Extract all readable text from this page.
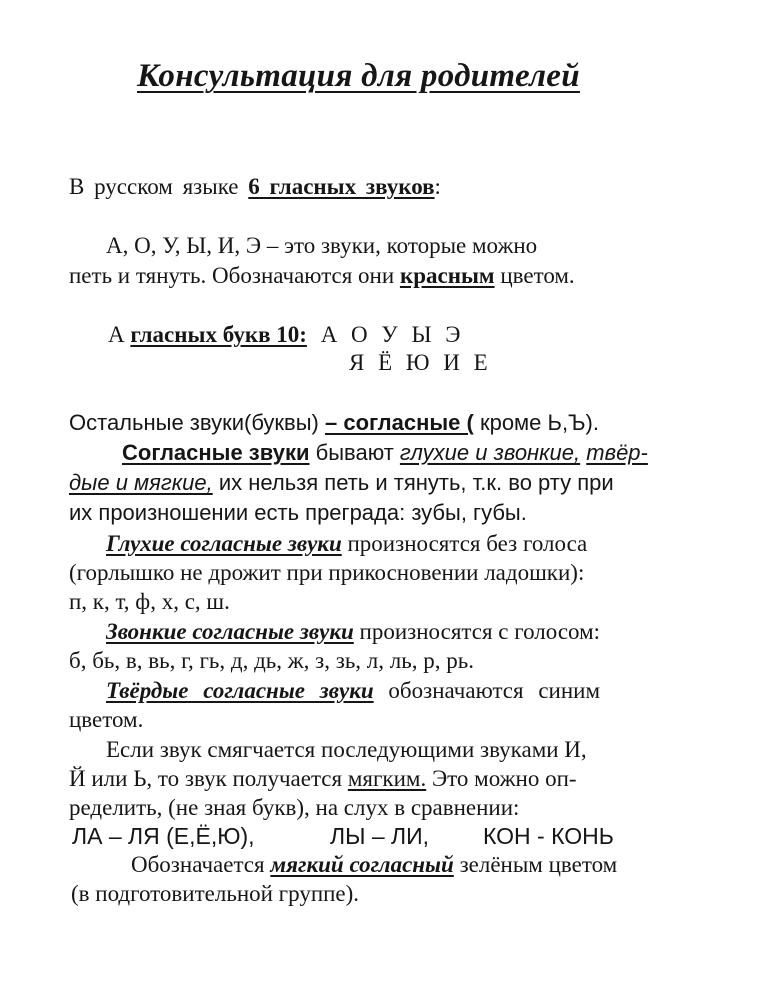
Консультация для родителей
В русском языке 6 гласных звуков:
А, О, У, Ы, И, Э – это звуки, которые можно
петь и тянуть. Обозначаются они красным цветом.
А гласных букв 10: А О У Ы Э
Я Ё Ю И Е
Остальные звуки(буквы) – согласные ( кроме Ь,Ъ).
Согласные звуки бывают глухие и звонкие, твёр-
дые и мягкие, их нельзя петь и тянуть, т.к. во рту при
их произношении есть преграда: зубы, губы.
Глухие согласные звуки произносятся без голоса
(горлышко не дрожит при прикосновении ладошки):
п, к, т, ф, х, с, ш.
Звонкие согласные звуки произносятся с голосом:
б, бь, в, вь, г, гь, д, дь, ж, з, зь, л, ль, р, рь.
Твёрдые согласные звуки обозначаются синим
цветом.
Если звук смягчается последующими звуками И,
Й или Ь, то звук получается мягким. Это можно оп-
ределить, (не зная букв), на слух в сравнении:
ЛА – ЛЯ (Е,Ё,Ю),	ЛЫ – ЛИ, КОН - КОНЬ
Обозначается мягкий согласный зелёным цветом
(в подготовительной группе).
